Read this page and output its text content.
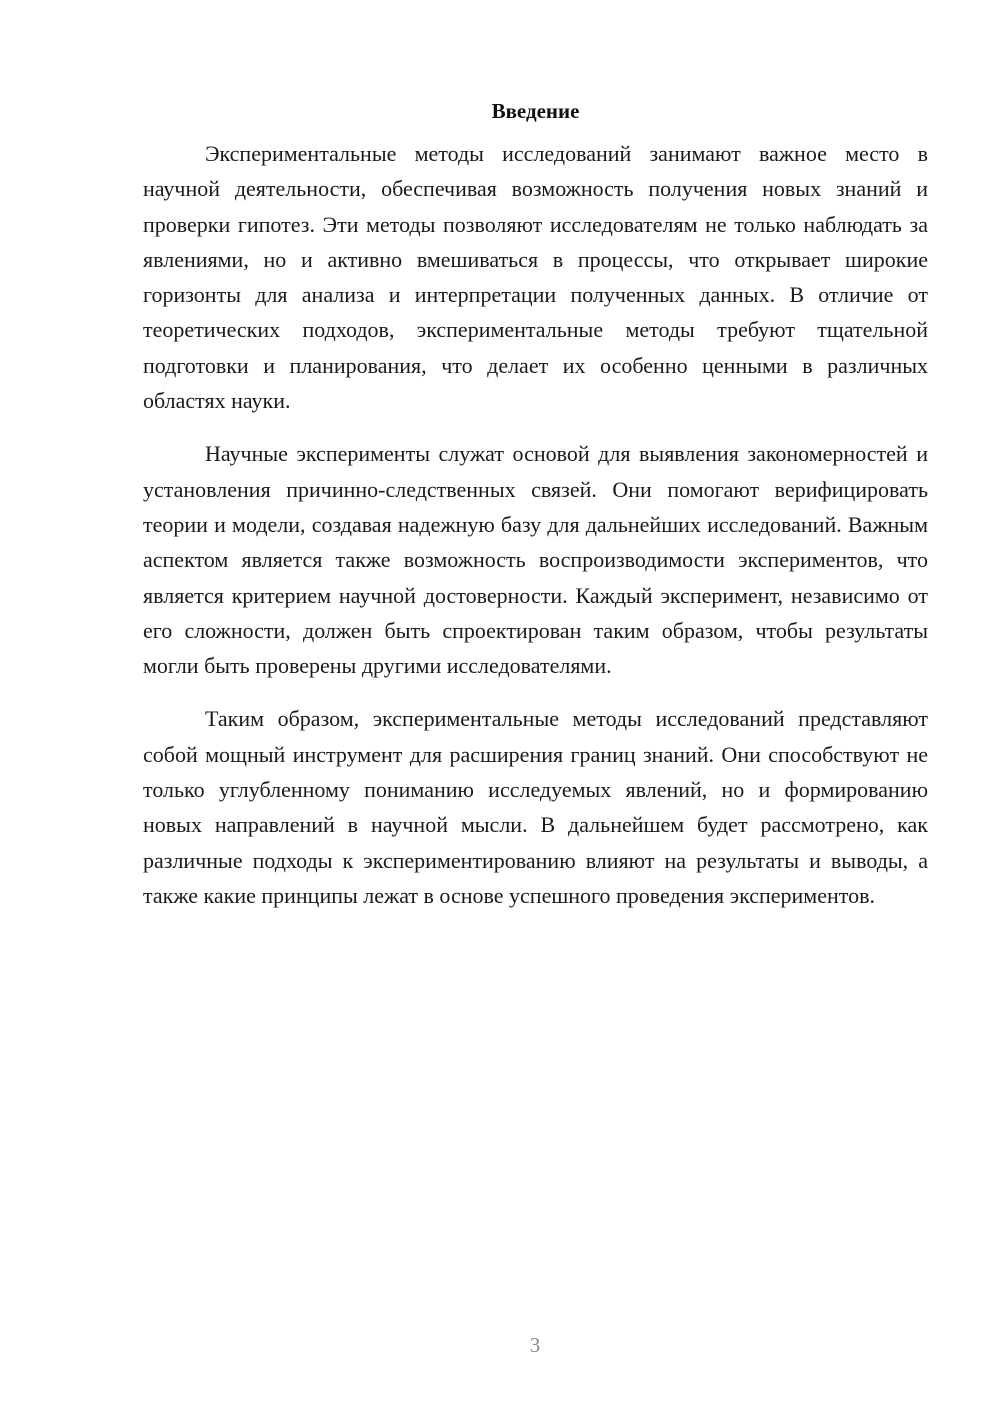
Введение

Экспериментальные методы исследований занимают важное место в научной деятельности, обеспечивая возможность получения новых знаний и проверки гипотез. Эти методы позволяют исследователям не только наблюдать за явлениями, но и активно вмешиваться в процессы, что открывает широкие горизонты для анализа и интерпретации полученных данных. В отличие от теоретических подходов, экспериментальные методы требуют тщательной подготовки и планирования, что делает их особенно ценными в различных областях науки.

Научные эксперименты служат основой для выявления закономерностей и установления причинно-следственных связей. Они помогают верифицировать теории и модели, создавая надежную базу для дальнейших исследований. Важным аспектом является также возможность воспроизводимости экспериментов, что является критерием научной достоверности. Каждый эксперимент, независимо от его сложности, должен быть спроектирован таким образом, чтобы результаты могли быть проверены другими исследователями.

Таким образом, экспериментальные методы исследований представляют собой мощный инструмент для расширения границ знаний. Они способствуют не только углубленному пониманию исследуемых явлений, но и формированию новых направлений в научной мысли. В дальнейшем будет рассмотрено, как различные подходы к экспериментированию влияют на результаты и выводы, а также какие принципы лежат в основе успешного проведения экспериментов.

3
